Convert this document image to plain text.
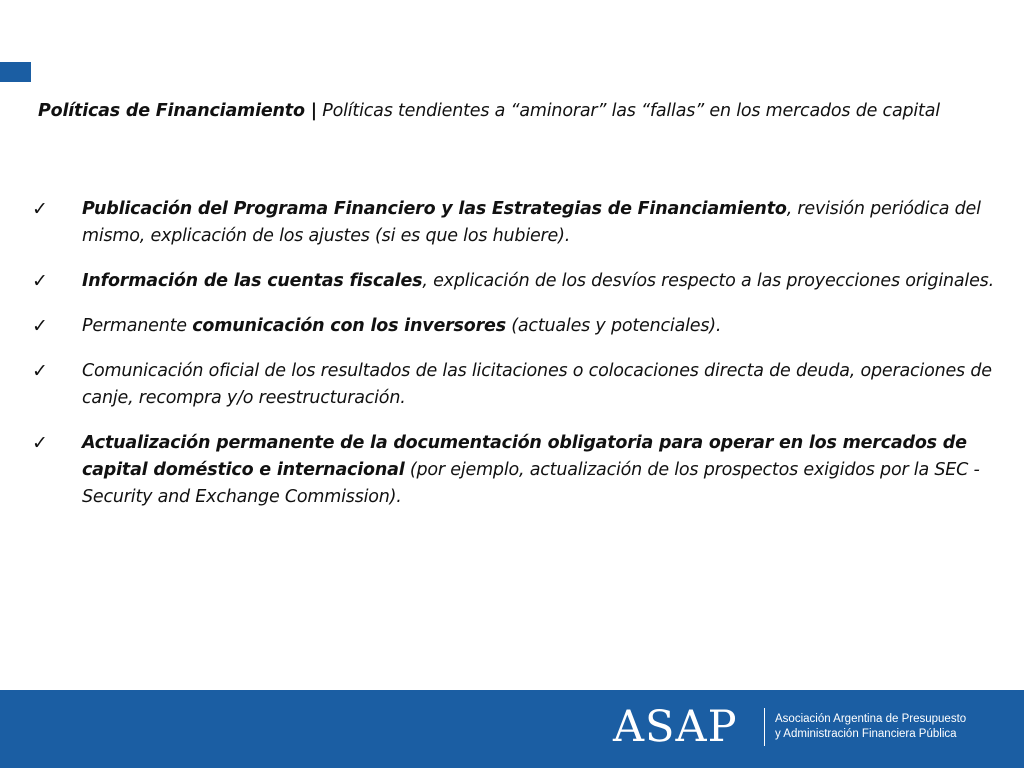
Políticas de Financiamiento | Políticas tendientes a “aminorar” las “fallas” en los mercados de capital
✓ Publicación del Programa Financiero y las Estrategias de Financiamiento, revisión periódica del mismo, explicación de los ajustes (si es que los hubiere).
✓ Información de las cuentas fiscales, explicación de los desvíos respecto a las proyecciones originales.
✓ Permanente comunicación con los inversores (actuales y potenciales).
✓ Comunicación oficial de los resultados de las licitaciones o colocaciones directa de deuda, operaciones de canje, recompra y/o reestructuración.
✓ Actualización permanente de la documentación obligatoria para operar en los mercados de capital doméstico e internacional (por ejemplo, actualización de los prospectos exigidos por la SEC - Security and Exchange Commission).
ASAP	Asociación Argentina de Presupuesto
y Administración Financiera Pública
